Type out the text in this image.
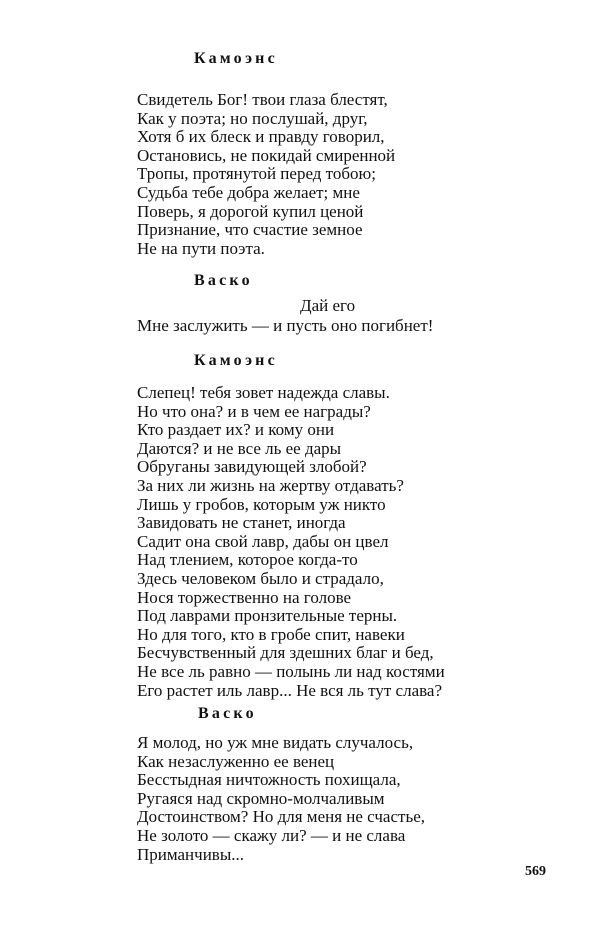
Камоэнс
Свидетель Бог! твои глаза блестят,
Как у поэта; но послушай, друг,
Хотя б их блеск и правду говорил,
Остановись, не покидай смиренной
Тропы, протянутой перед тобою;
Судьба тебе добра желает; мне
Поверь, я дорогой купил ценой
Признание, что счастие земное
Не на пути поэта.
Васко
Дай его
Мне заслужить — и пусть оно погибнет!
Камоэнс
Слепец! тебя зовет надежда славы.
Но что она? и в чем ее награды?
Кто раздает их? и кому они
Даются? и не все ль ее дары
Обруганы завидующей злобой?
За них ли жизнь на жертву отдавать?
Лишь у гробов, которым уж никто
Завидовать не станет, иногда
Садит она свой лавр, дабы он цвел
Над тлением, которое когда-то
Здесь человеком было и страдало,
Нося торжественно на голове
Под лаврами пронзительные терны.
Но для того, кто в гробе спит, навеки
Бесчувственный для здешних благ и бед,
Не все ль равно — полынь ли над костями
Его растет иль лавр... Не вся ль тут слава?
Васко
Я молод, но уж мне видать случалось,
Как незаслуженно ее венец
Бесстыдная ничтожность похищала,
Ругаяся над скромно-молчаливым
Достоинством? Но для меня не счастье,
Не золото — скажу ли? — и не слава
Приманчивы...
569
